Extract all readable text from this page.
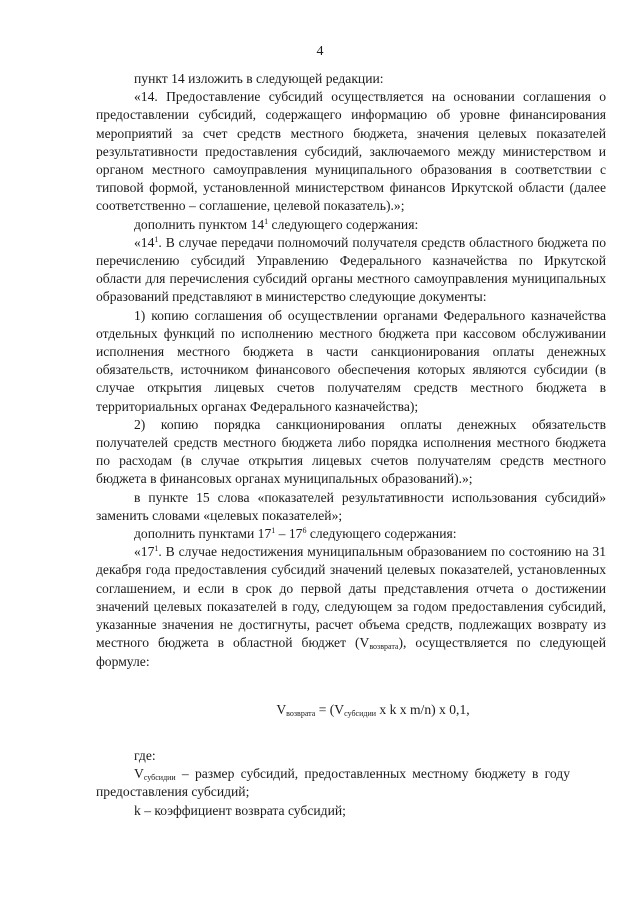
4

пункт 14 изложить в следующей редакции:

«14. Предоставление субсидий осуществляется на основании соглашения о предоставлении субсидий, содержащего информацию об уровне финансирования мероприятий за счет средств местного бюджета, значения целевых показателей результативности предоставления субсидий, заключаемого между министерством и органом местного самоуправления муниципального образования в соответствии с типовой формой, установленной министерством финансов Иркутской области (далее соответственно – соглашение, целевой показатель).»;

дополнить пунктом $14^1$ следующего содержания:

«$14^1$. В случае передачи полномочий получателя средств областного бюджета по перечислению субсидий Управлению Федерального казначейства по Иркутской области для перечисления субсидий органы местного самоуправления муниципальных образований представляют в министерство следующие документы:

1) копию соглашения об осуществлении органами Федерального казначейства отдельных функций по исполнению местного бюджета при кассовом обслуживании исполнения местного бюджета в части санкционирования оплаты денежных обязательств, источником финансового обеспечения которых являются субсидии (в случае открытия лицевых счетов получателям средств местного бюджета в территориальных органах Федерального казначейства);

2) копию порядка санкционирования оплаты денежных обязательств получателей средств местного бюджета либо порядка исполнения местного бюджета по расходам (в случае открытия лицевых счетов получателям средств местного бюджета в финансовых органах муниципальных образований).»;

в пункте 15 слова «показателей результативности использования субсидий» заменить словами «целевых показателей»;

дополнить пунктами $17^1 - 17^6$ следующего содержания:

«$17^1$. В случае недостижения муниципальным образованием по состоянию на 31 декабря года предоставления субсидий значений целевых показателей, установленных соглашением, и если в срок до первой даты представления отчета о достижении значений целевых показателей в году, следующем за годом предоставления субсидий, указанные значения не достигнуты, расчет объема средств, подлежащих возврату из местного бюджета в областной бюджет $(V_{возврата})$, осуществляется по следующей формуле:

$V_{возврата} = (V_{субсидии}$ x k x m/n) x 0,1,

где:

$V_{субсидии}$ – размер субсидий, предоставленных местному бюджету в году предоставления субсидий;

k – коэффициент возврата субсидий;
